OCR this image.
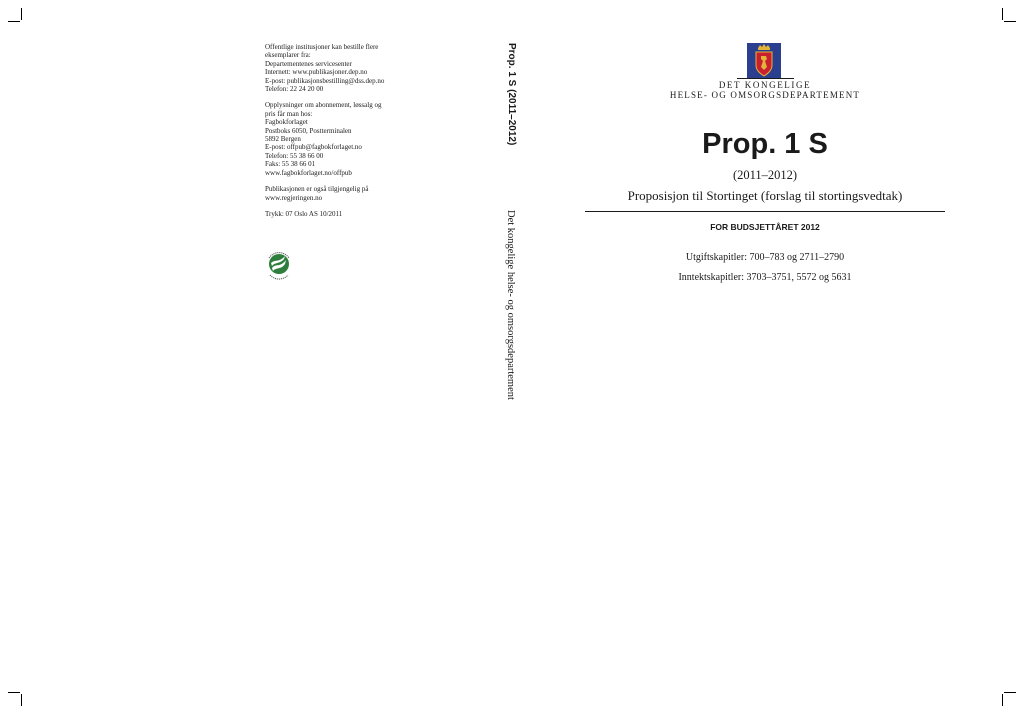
Offentlige institusjoner kan bestille flere
eksemplarer fra:
Departementenes servicesenter
Internett: www.publikasjoner.dep.no
E-post: publikasjonsbestilling@dss.dep.no
Telefon: 22 24 20 00
Opplysninger om abonnement, løssalg og
pris får man hos:
Fagbokforlaget
Postboks 6050, Postterminalen
5892 Bergen
E-post: offpub@fagbokforlaget.no
Telefon: 55 38 66 00
Faks: 55 38 66 01
www.fagbokforlaget.no/offpub
Publikasjonen er også tilgjengelig på
www.regjeringen.no
Trykk: 07 Oslo AS 10/2011
Prop. 1 S (2011–2012)
Det kongelige helse- og omsorgsdepartement
DET KONGELIGE
HELSE- OG OMSORGSDEPARTEMENT
Prop. 1 S
(2011–2012)
Proposisjon til Stortinget (forslag til stortingsvedtak)
FOR BUDSJETTÅRET 2012
Utgiftskapitler: 700–783 og 2711–2790
Inntektskapitler: 3703–3751, 5572 og 5631
